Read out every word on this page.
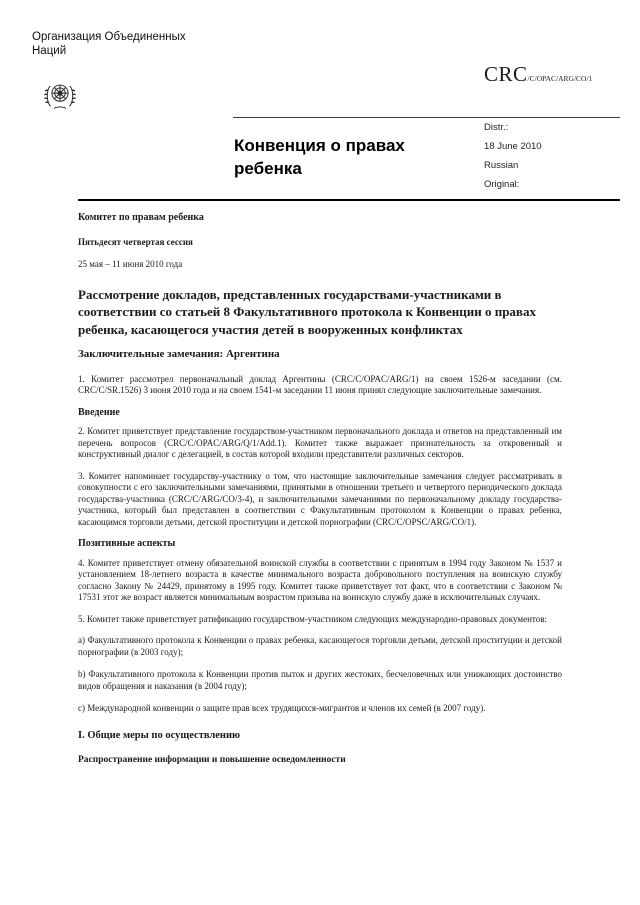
Организация Объединенных
Наций
CRC /C/OPAC/ARG/CO/1
Конвенция о правах ребенка
Distr.:
18 June 2010
Russian
Original:
Комитет по правам ребенка
Пятьдесят четвертая сессия
25 мая – 11 июня 2010 года
Рассмотрение докладов, представленных государствами-участниками в соответствии со статьей 8 Факультативного протокола к Конвенции о правах ребенка, касающегося участия детей в вооруженных конфликтах
Заключительные замечания: Аргентина
1. Комитет рассмотрел первоначальный доклад Аргентины (CRC/C/OPAC/ARG/1) на своем 1526-м заседании (см. CRC/C/SR.1526) 3 июня 2010 года и на своем 1541-м заседании 11 июня принял следующие заключительные замечания.
Введение
2. Комитет приветствует представление государством-участником первоначального доклада и ответов на представленный им перечень вопросов (CRC/C/OPAC/ARG/Q/1/Add.1). Комитет также выражает признательность за откровенный и конструктивный диалог с делегацией, в состав которой входили представители различных секторов.
3. Комитет напоминает государству-участнику о том, что настоящие заключительные замечания следует рассматривать в совокупности с его заключительными замечаниями, принятыми в отношении третьего и четвертого периодического доклада государства-участника (CRC/C/ARG/CO/3-4), и заключительными замечаниями по первоначальному докладу государства-участника, который был представлен в соответствии с Факультативным протоколом к Конвенции о правах ребенка, касающимся торговли детьми, детской проституции и детской порнографии (CRC/C/OPSC/ARG/CO/1).
Позитивные аспекты
4. Комитет приветствует отмену обязательной воинской службы в соответствии с принятым в 1994 году Законом № 1537 и установлением 18-летнего возраста в качестве минимального возраста добровольного поступления на воинскую службу согласно Закону № 24429, принятому в 1995 году. Комитет также приветствует тот факт, что в соответствии с Законом № 17531 этот же возраст является минимальным возрастом призыва на воинскую службу даже в исключительных случаях.
5. Комитет также приветствует ратификацию государством-участником следующих международно-правовых документов:
a) Факультативного протокола к Конвенции о правах ребенка, касающегося торговли детьми, детской проституции и детской порнографии (в 2003 году);
b) Факультативного протокола к Конвенции против пыток и других жестоких, бесчеловечных или унижающих достоинство видов обращения и наказания (в 2004 году);
c) Международной конвенции о защите прав всех трудящихся-мигрантов и членов их семей (в 2007 году).
I. Общие меры по осуществлению
Распространение информации и повышение осведомленности
